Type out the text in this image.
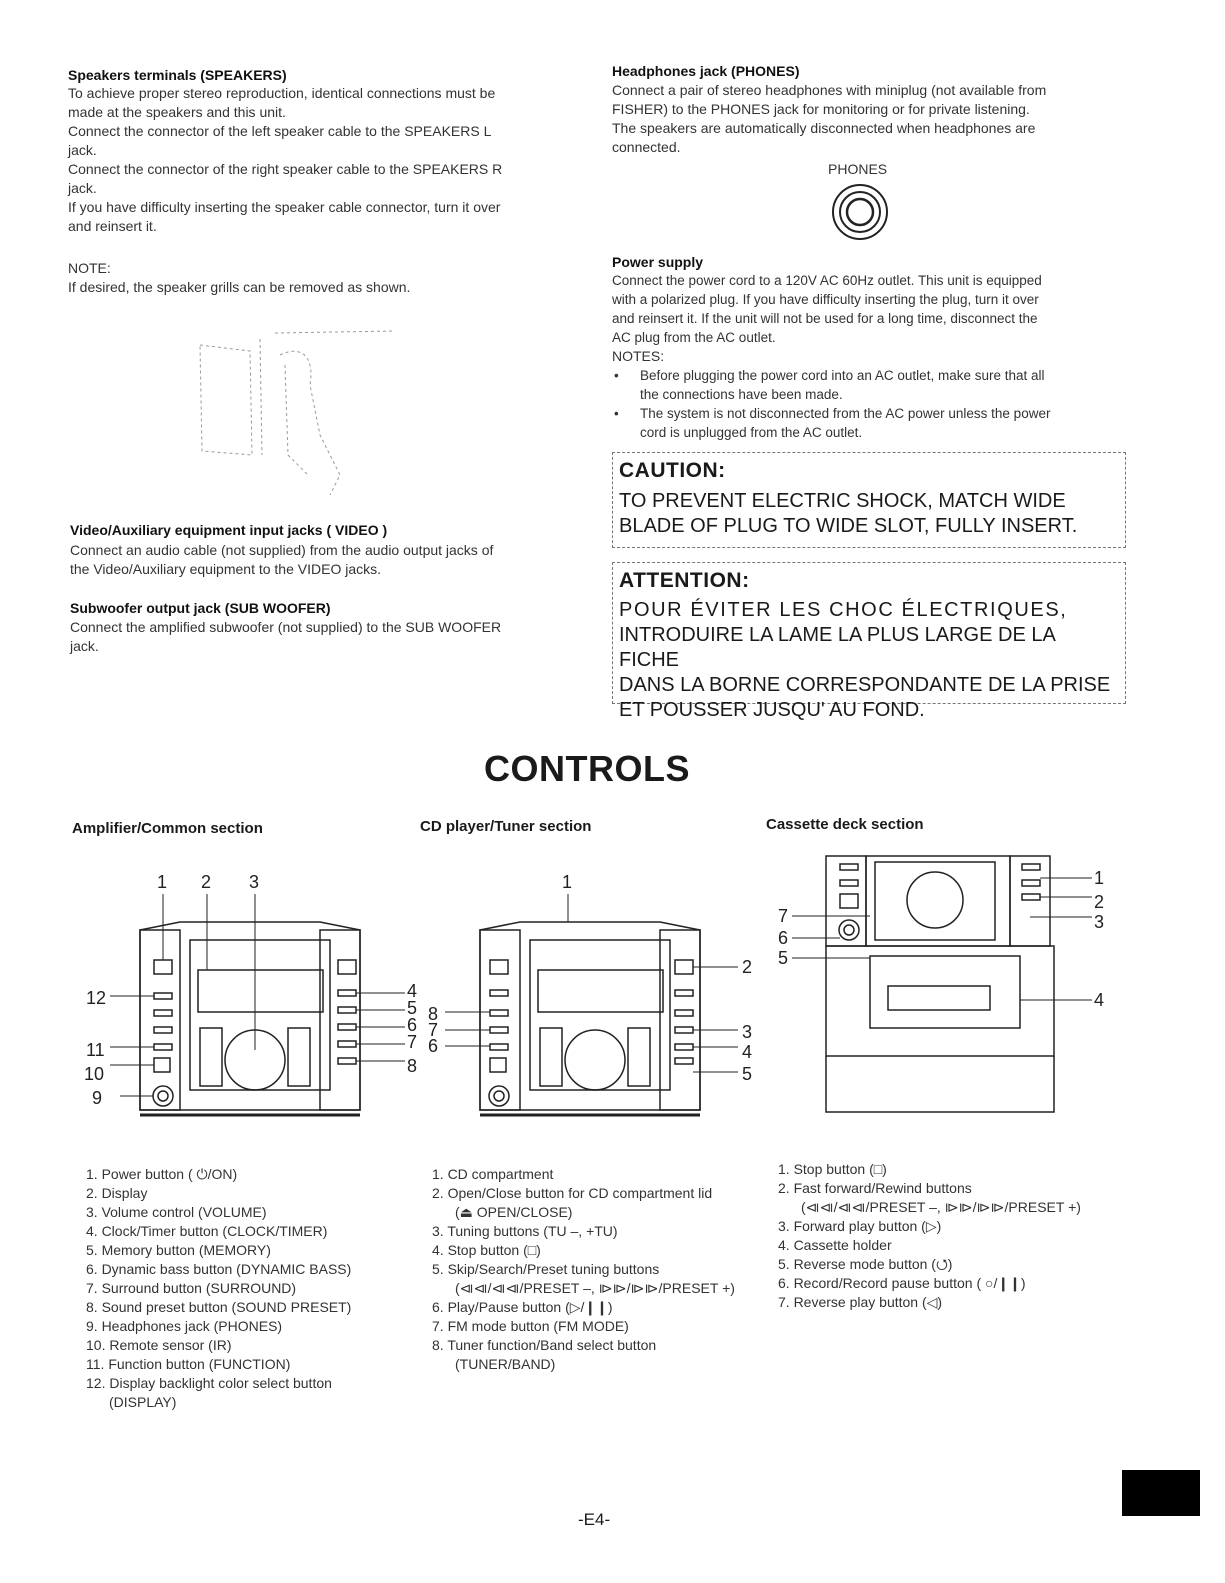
Speakers terminals (SPEAKERS)
To achieve proper stereo reproduction, identical connections must be
made at the speakers and this unit.
Connect the connector of the left speaker cable to the SPEAKERS L
jack.
Connect the connector of the right speaker cable to the SPEAKERS R
jack.
If you have difficulty inserting the speaker cable connector, turn it over
and reinsert it.
NOTE:
If desired, the speaker grills can be removed as shown.
Video/Auxiliary equipment input jacks ( VIDEO )
Connect an audio cable (not supplied) from the audio output jacks of
the Video/Auxiliary equipment to the VIDEO jacks.
Subwoofer output jack (SUB WOOFER)
Connect the amplified subwoofer (not supplied) to the SUB WOOFER
jack.
Headphones jack (PHONES)
Connect a pair of stereo headphones with miniplug (not available from
FISHER) to the PHONES jack for monitoring or for private listening.
The speakers are automatically disconnected when headphones are
connected.
PHONES
Power supply
Connect the power cord to a 120V AC 60Hz outlet. This unit is equipped
with a polarized plug. If you have difficulty inserting the plug, turn it over
and reinsert it. If the unit will not be used for a long time, disconnect the
AC plug from the AC outlet.
NOTES:
• Before plugging the power cord into an AC outlet, make sure that all
the connections have been made.
• The system is not disconnected from the AC power unless the power
cord is unplugged from the AC outlet.
CAUTION:
TO PREVENT ELECTRIC SHOCK, MATCH WIDE
BLADE OF PLUG TO WIDE SLOT, FULLY INSERT.
ATTENTION:
POUR ÉVITER LES CHOC ÉLECTRIQUES,
INTRODUIRE LA LAME LA PLUS LARGE DE LA FICHE
DANS LA BORNE CORRESPONDANTE DE LA PRISE
ET POUSSER JUSQU' AU FOND.
CONTROLS
Amplifier/Common section	CD player/Tuner section	Cassette deck section
1 2 3
4
5
6
7
8
9
10
11
12
1
2
3
4
5
6
7
8
1
2
3
4
5
6
7
1. Power button ( ⏻/ON)
2. Display
3. Volume control (VOLUME)
4. Clock/Timer button (CLOCK/TIMER)
5. Memory button (MEMORY)
6. Dynamic bass button (DYNAMIC BASS)
7. Surround button (SURROUND)
8. Sound preset button (SOUND PRESET)
9. Headphones jack (PHONES)
10. Remote sensor (IR)
11. Function button (FUNCTION)
12. Display backlight color select button
(DISPLAY)
1. CD compartment
2. Open/Close button for CD compartment lid
(⏏ OPEN/CLOSE)
3. Tuning buttons (TU –, +TU)
4. Stop button (□)
5. Skip/Search/Preset tuning buttons
(⧏⧏/⧏⧏/PRESET –, ⧐⧐/⧐⧐/PRESET +)
6. Play/Pause button (▷/❙❙)
7. FM mode button (FM MODE)
8. Tuner function/Band select button
(TUNER/BAND)
1. Stop button (□)
2. Fast forward/Rewind buttons
(⧏⧏/⧏⧏/PRESET –, ⧐⧐/⧐⧐/PRESET +)
3. Forward play button (▷)
4. Cassette holder
5. Reverse mode button (⭯)
6. Record/Record pause button ( ○/❙❙)
7. Reverse play button (◁)
-E4-
